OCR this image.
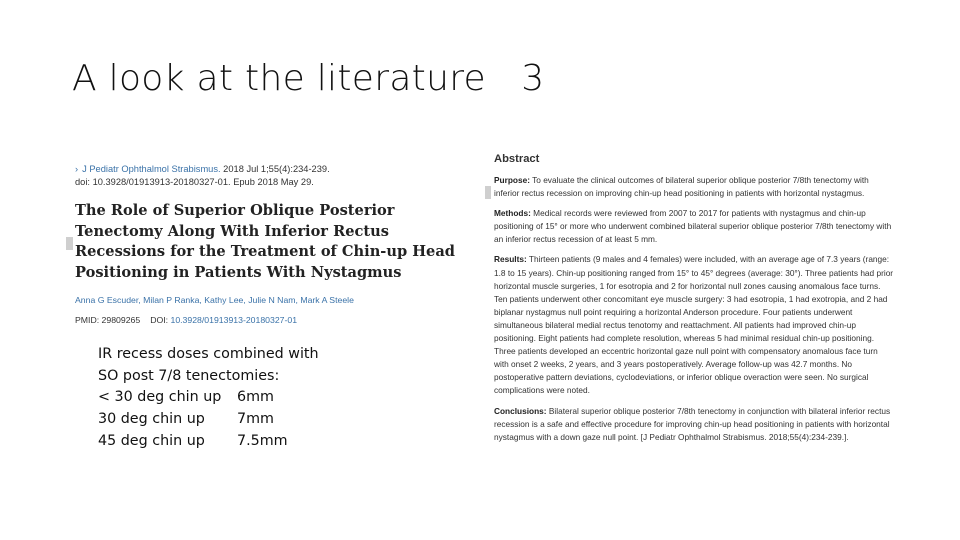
A look at the literature   3
› J Pediatr Ophthalmol Strabismus. 2018 Jul 1;55(4):234-239.
doi: 10.3928/01913913-20180327-01. Epub 2018 May 29.
The Role of Superior Oblique Posterior Tenectomy Along With Inferior Rectus Recessions for the Treatment of Chin-up Head Positioning in Patients With Nystagmus
Anna G Escuder, Milan P Ranka, Kathy Lee, Julie N Nam, Mark A Steele
PMID: 29809265 DOI: 10.3928/01913913-20180327-01
IR recess doses combined with
SO post 7/8 tenectomies:
< 30 deg chin up	6mm
30 deg chin up	7mm
45 deg chin up	7.5mm
Abstract

Purpose: To evaluate the clinical outcomes of bilateral superior oblique posterior 7/8th tenectomy with inferior rectus recession on improving chin-up head positioning in patients with horizontal nystagmus.

Methods: Medical records were reviewed from 2007 to 2017 for patients with nystagmus and chin-up positioning of 15° or more who underwent combined bilateral superior oblique posterior 7/8th tenectomy with an inferior rectus recession of at least 5 mm.

Results: Thirteen patients (9 males and 4 females) were included, with an average age of 7.3 years (range: 1.8 to 15 years). Chin-up positioning ranged from 15° to 45° degrees (average: 30°). Three patients had prior horizontal muscle surgeries, 1 for esotropia and 2 for horizontal null zones causing anomalous face turns. Ten patients underwent other concomitant eye muscle surgery: 3 had esotropia, 1 had exotropia, and 2 had biplanar nystagmus null point requiring a horizontal Anderson procedure. Four patients underwent simultaneous bilateral medial rectus tenotomy and reattachment. All patients had improved chin-up positioning. Eight patients had complete resolution, whereas 5 had minimal residual chin-up positioning. Three patients developed an eccentric horizontal gaze null point with compensatory anomalous face turn with onset 2 weeks, 2 years, and 3 years postoperatively. Average follow-up was 42.7 months. No postoperative pattern deviations, cyclodeviations, or inferior oblique overaction were seen. No surgical complications were noted.

Conclusions: Bilateral superior oblique posterior 7/8th tenectomy in conjunction with bilateral inferior rectus recession is a safe and effective procedure for improving chin-up head positioning in patients with horizontal nystagmus with a down gaze null point. [J Pediatr Ophthalmol Strabismus. 2018;55(4):234-239.].
